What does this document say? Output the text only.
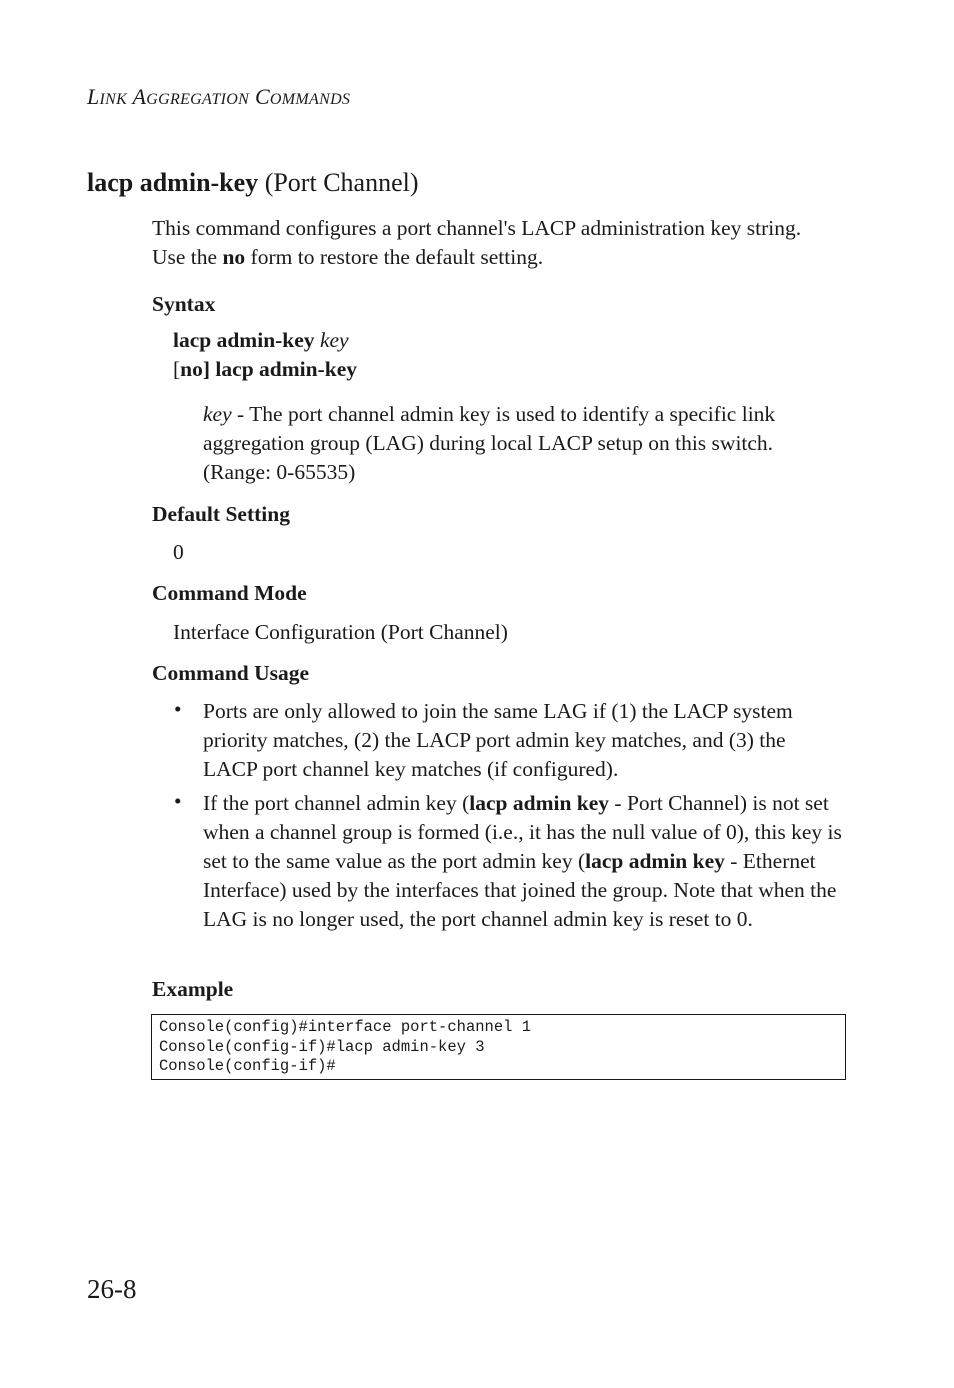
LINK AGGREGATION COMMANDS
lacp admin-key (Port Channel)
This command configures a port channel's LACP administration key string. Use the no form to restore the default setting.
Syntax
lacp admin-key key
[no] lacp admin-key
key - The port channel admin key is used to identify a specific link aggregation group (LAG) during local LACP setup on this switch. (Range: 0-65535)
Default Setting
0
Command Mode
Interface Configuration (Port Channel)
Command Usage
• Ports are only allowed to join the same LAG if (1) the LACP system priority matches, (2) the LACP port admin key matches, and (3) the LACP port channel key matches (if configured).
• If the port channel admin key (lacp admin key - Port Channel) is not set when a channel group is formed (i.e., it has the null value of 0), this key is set to the same value as the port admin key (lacp admin key - Ethernet Interface) used by the interfaces that joined the group. Note that when the LAG is no longer used, the port channel admin key is reset to 0.
Example
Console(config)#interface port-channel 1
Console(config-if)#lacp admin-key 3
Console(config-if)#
26-8
